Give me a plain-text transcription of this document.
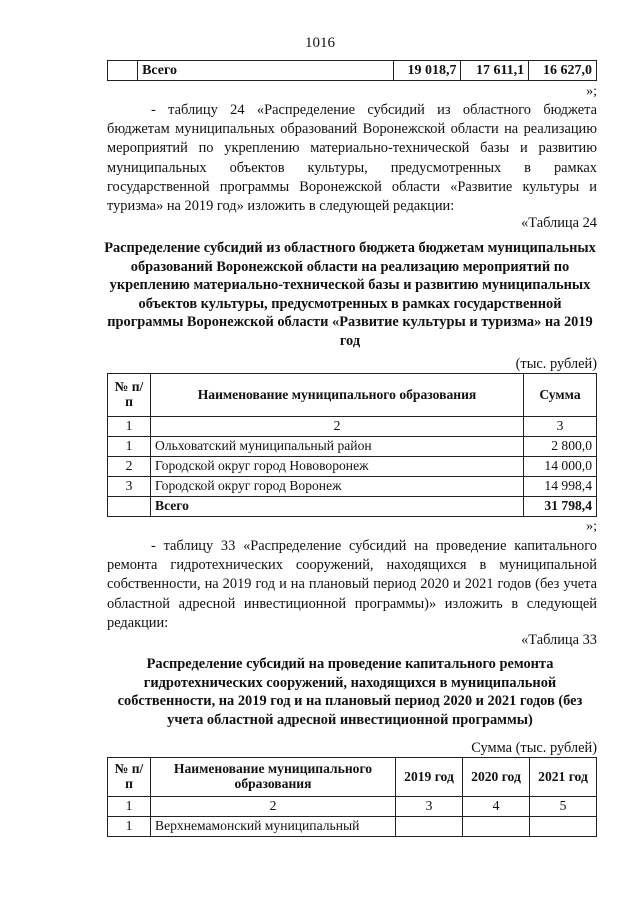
1016
	Всего	19 018,7	17 611,1	16 627,0
»;
- таблицу 24 «Распределение субсидий из областного бюджета бюджетам муниципальных образований Воронежской области на реализацию мероприятий по укреплению материально-технической базы и развитию муниципальных объектов культуры, предусмотренных в рамках государственной программы Воронежской области «Развитие культуры и туризма» на 2019 год» изложить в следующей редакции:
«Таблица 24
Распределение субсидий из областного бюджета бюджетам муниципальных образований Воронежской области на реализацию мероприятий по укреплению материально-технической базы и развитию муниципальных объектов культуры, предусмотренных в рамках государственной программы Воронежской области «Развитие культуры и туризма» на 2019 год
(тыс. рублей)
№ п/п	Наименование муниципального образования	Сумма
1	2	3
1	Ольховатский муниципальный район	2 800,0
2	Городской округ город Нововоронеж	14 000,0
3	Городской округ город Воронеж	14 998,4
	Всего	31 798,4
»;
- таблицу 33 «Распределение субсидий на проведение капитального ремонта гидротехнических сооружений, находящихся в муниципальной собственности, на 2019 год и на плановый период 2020 и 2021 годов (без учета областной адресной инвестиционной программы)» изложить в следующей редакции:
«Таблица 33
Распределение субсидий на проведение капитального ремонта гидротехнических сооружений, находящихся в муниципальной собственности, на 2019 год и на плановый период 2020 и 2021 годов (без учета областной адресной инвестиционной программы)
Сумма (тыс. рублей)
№ п/п	Наименование муниципального образования	2019 год	2020 год	2021 год
1	2	3	4	5
1	Верхнемамонский муниципальный			
